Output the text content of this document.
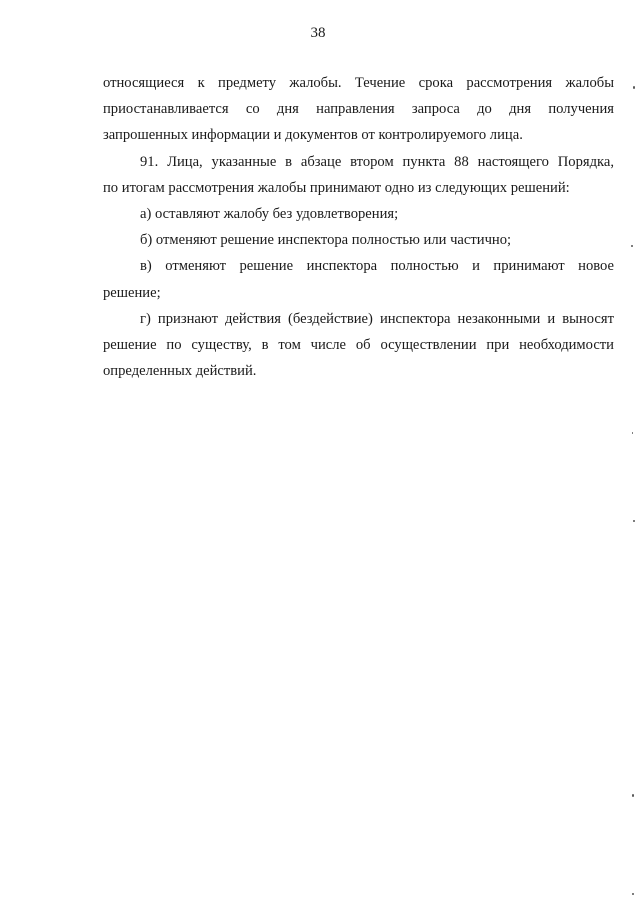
38

относящиеся к предмету жалобы. Течение срока рассмотрения жалобы
приостанавливается со дня направления запроса до дня получения
запрошенных информации и документов от контролируемого лица.

91. Лица, указанные в абзаце втором пункта 88 настоящего Порядка,
по итогам рассмотрения жалобы принимают одно из следующих решений:

а) оставляют жалобу без удовлетворения;

б) отменяют решение инспектора полностью или частично;

в) отменяют решение инспектора полностью и принимают новое
решение;

г) признают действия (бездействие) инспектора незаконными и выносят
решение по существу, в том числе об осуществлении при необходимости
определенных действий.
